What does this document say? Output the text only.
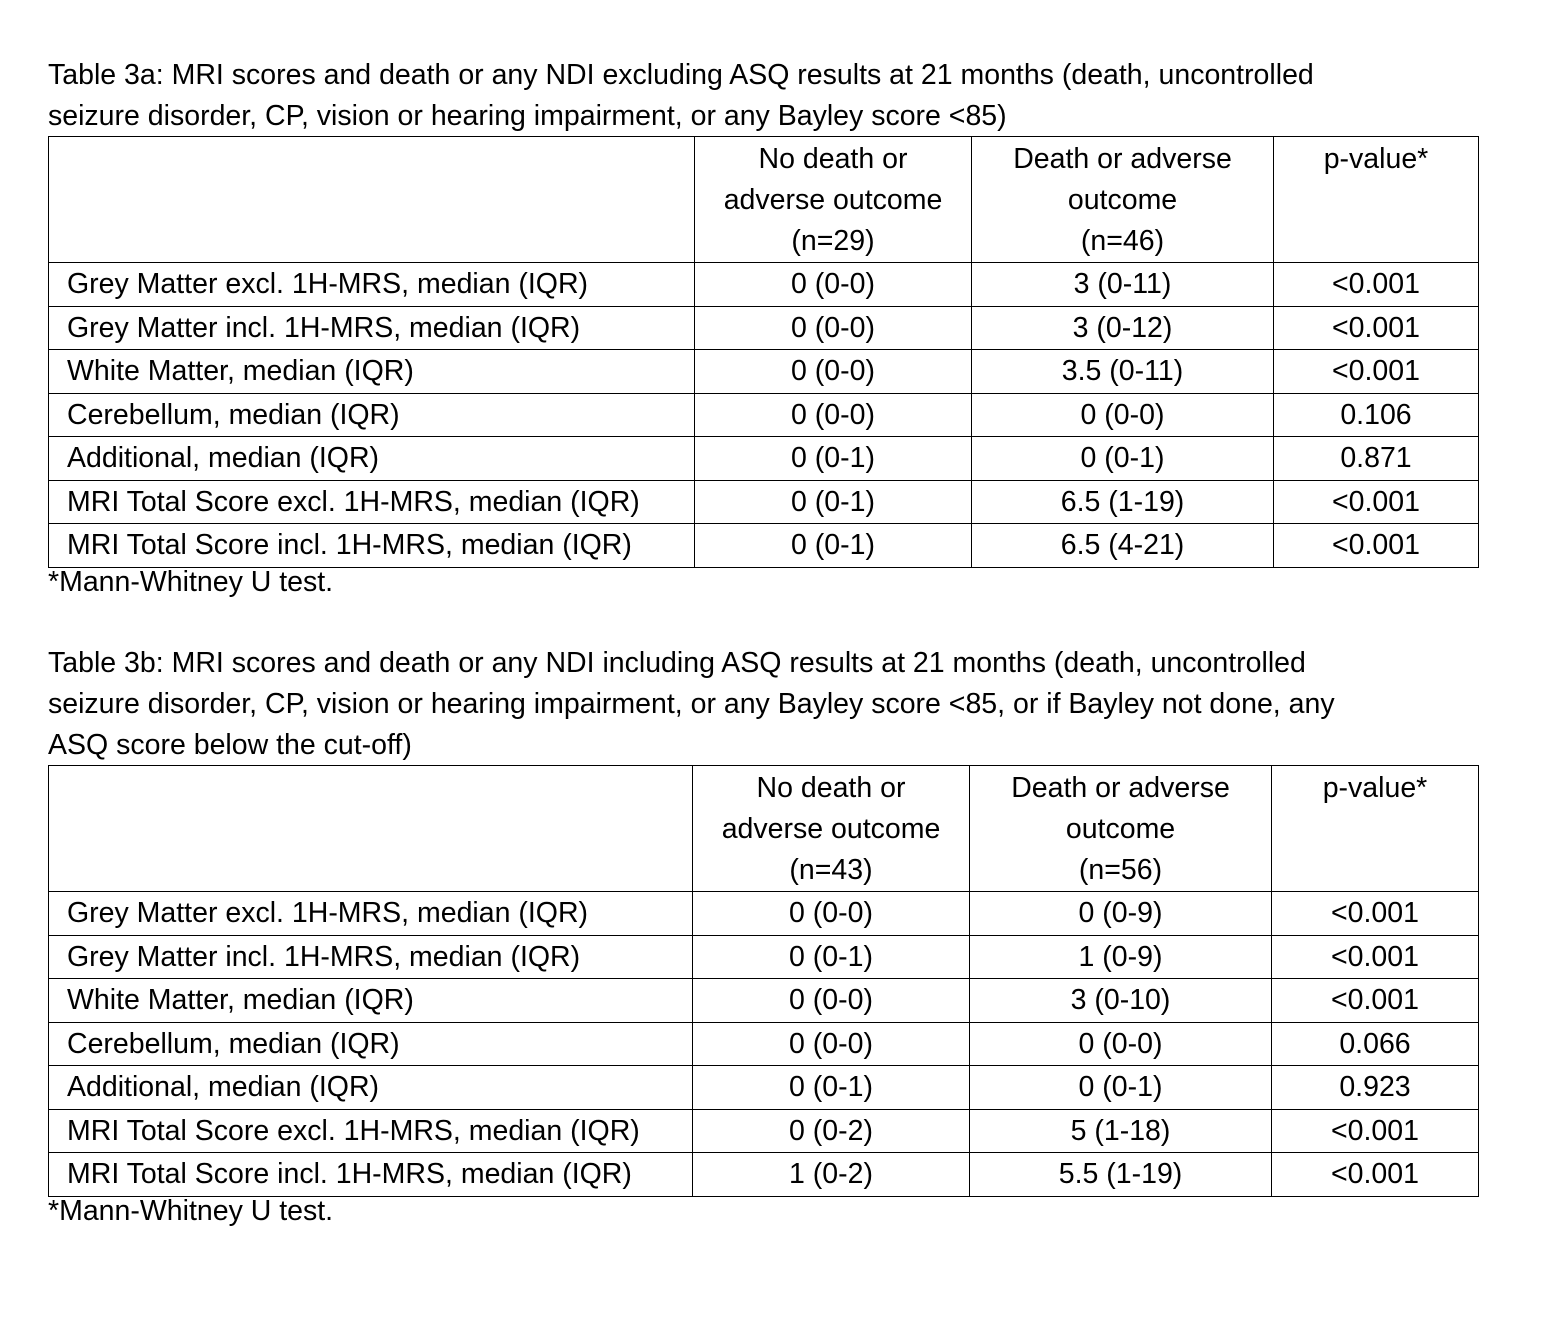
Table 3a: MRI scores and death or any NDI excluding ASQ results at 21 months (death, uncontrolled
seizure disorder, CP, vision or hearing impairment, or any Bayley score <85)

	No death or
adverse outcome
(n=29)	Death or adverse
outcome
(n=46)	p-value*

Grey Matter excl. 1H-MRS, median (IQR)	0 (0-0)	3 (0-11)	<0.001
Grey Matter incl. 1H-MRS, median (IQR)	0 (0-0)	3 (0-12)	<0.001
White Matter, median (IQR)	0 (0-0)	3.5 (0-11)	<0.001
Cerebellum, median (IQR)	0 (0-0)	0 (0-0)	0.106
Additional, median (IQR)	0 (0-1)	0 (0-1)	0.871
MRI Total Score excl. 1H-MRS, median (IQR)	0 (0-1)	6.5 (1-19)	<0.001
MRI Total Score incl. 1H-MRS, median (IQR)	0 (0-1)	6.5 (4-21)	<0.001

*Mann-Whitney U test.

Table 3b: MRI scores and death or any NDI including ASQ results at 21 months (death, uncontrolled
seizure disorder, CP, vision or hearing impairment, or any Bayley score <85, or if Bayley not done, any
ASQ score below the cut-off)

	No death or
adverse outcome
(n=43)	Death or adverse
outcome
(n=56)	p-value*

Grey Matter excl. 1H-MRS, median (IQR)	0 (0-0)	0 (0-9)	<0.001
Grey Matter incl. 1H-MRS, median (IQR)	0 (0-1)	1 (0-9)	<0.001
White Matter, median (IQR)	0 (0-0)	3 (0-10)	<0.001
Cerebellum, median (IQR)	0 (0-0)	0 (0-0)	0.066
Additional, median (IQR)	0 (0-1)	0 (0-1)	0.923
MRI Total Score excl. 1H-MRS, median (IQR)	0 (0-2)	5 (1-18)	<0.001
MRI Total Score incl. 1H-MRS, median (IQR)	1 (0-2)	5.5 (1-19)	<0.001

*Mann-Whitney U test.
